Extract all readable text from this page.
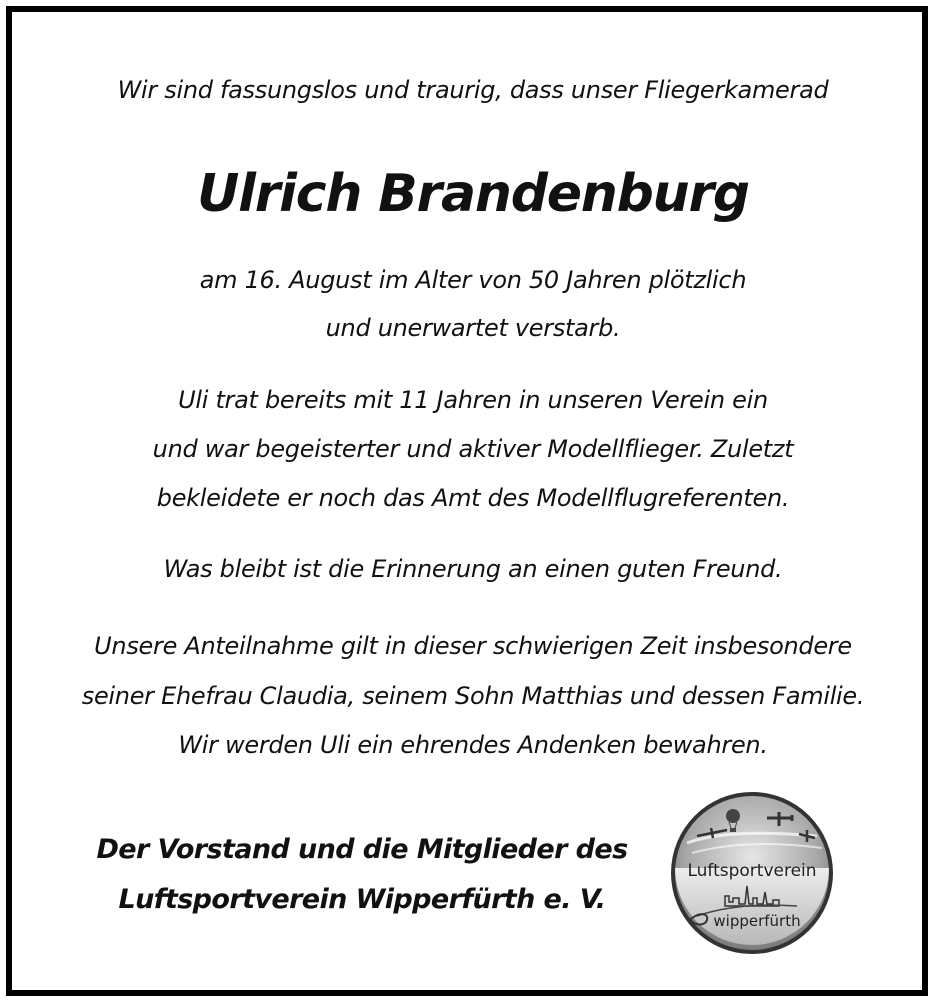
Wir sind fassungslos und traurig, dass unser Fliegerkamerad
Ulrich Brandenburg
am 16. August im Alter von 50 Jahren plötzlich
und unerwartet verstarb.
Uli trat bereits mit 11 Jahren in unseren Verein ein
und war begeisterter und aktiver Modellflieger. Zuletzt
bekleidete er noch das Amt des Modellflugreferenten.
Was bleibt ist die Erinnerung an einen guten Freund.
Unsere Anteilnahme gilt in dieser schwierigen Zeit insbesondere
seiner Ehefrau Claudia, seinem Sohn Matthias und dessen Familie.
Wir werden Uli ein ehrendes Andenken bewahren.
Der Vorstand und die Mitglieder des
Luftsportverein Wipperfürth e. V.
Luftsportverein
wipperfürth
